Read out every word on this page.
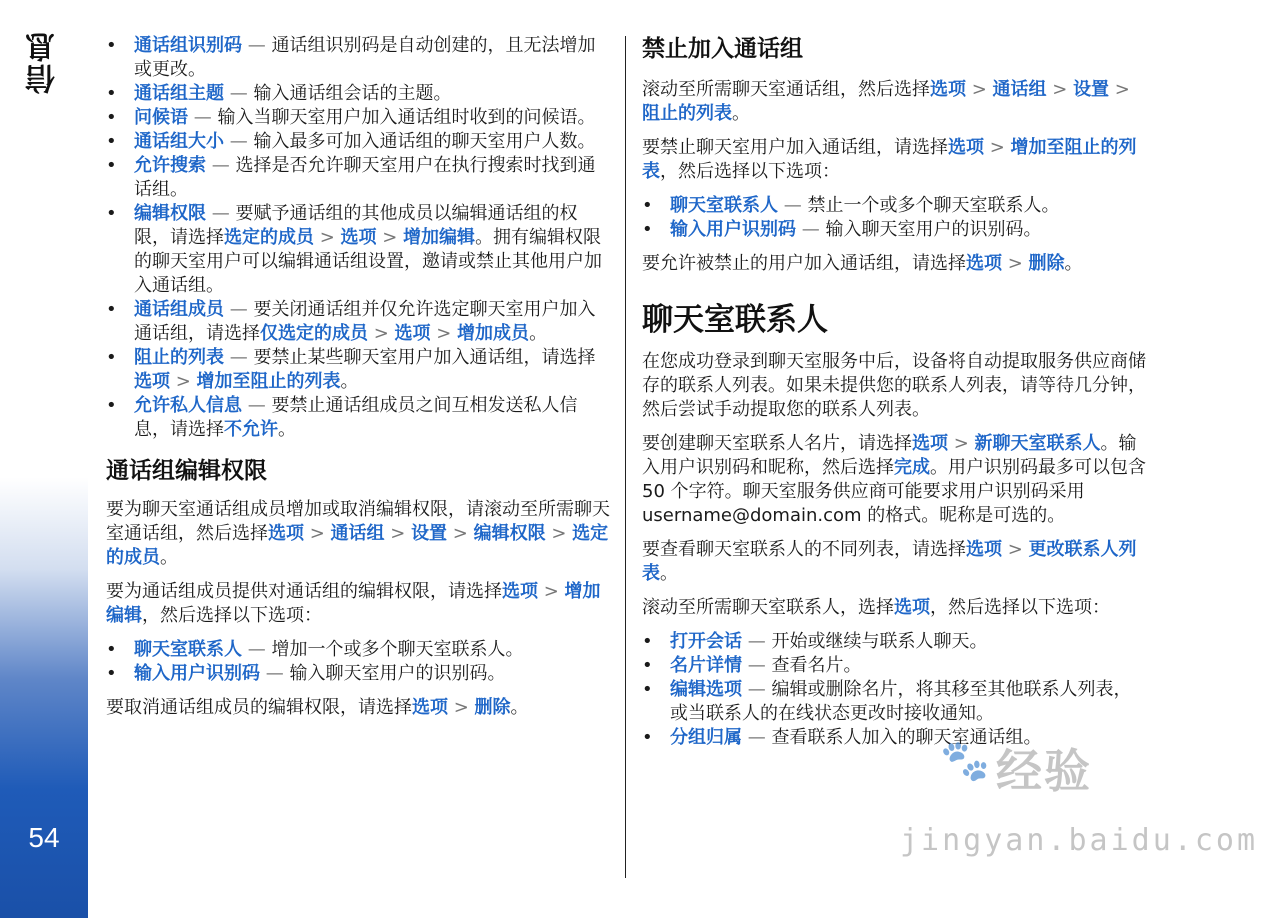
信息
54
• 通话组识别码 — 通话组识别码是自动创建的，且无法增加或更改。
• 通话组主题 — 输入通话组会话的主题。
• 问候语 — 输入当聊天室用户加入通话组时收到的问候语。
• 通话组大小 — 输入最多可加入通话组的聊天室用户人数。
• 允许搜索 — 选择是否允许聊天室用户在执行搜索时找到通话组。
• 编辑权限 — 要赋予通话组的其他成员以编辑通话组的权限，请选择选定的成员 > 选项 > 增加编辑。拥有编辑权限的聊天室用户可以编辑通话组设置，邀请或禁止其他用户加入通话组。
• 通话组成员 — 要关闭通话组并仅允许选定聊天室用户加入通话组，请选择仅选定的成员 > 选项 > 增加成员。
• 阻止的列表 — 要禁止某些聊天室用户加入通话组，请选择选项 > 增加至阻止的列表。
• 允许私人信息 — 要禁止通话组成员之间互相发送私人信息，请选择不允许。
通话组编辑权限

要为聊天室通话组成员增加或取消编辑权限，请滚动至所需聊天室通话组，然后选择选项 > 通话组 > 设置 > 编辑权限 > 选定的成员。

要为通话组成员提供对通话组的编辑权限，请选择选项 > 增加编辑，然后选择以下选项：

• 聊天室联系人 — 增加一个或多个聊天室联系人。
• 输入用户识别码 — 输入聊天室用户的识别码。

要取消通话组成员的编辑权限，请选择选项 > 删除。

禁止加入通话组

滚动至所需聊天室通话组，然后选择选项 > 通话组 > 设置 > 阻止的列表。

要禁止聊天室用户加入通话组，请选择选项 > 增加至阻止的列表，然后选择以下选项：

• 聊天室联系人 — 禁止一个或多个聊天室联系人。
• 输入用户识别码 — 输入聊天室用户的识别码。

要允许被禁止的用户加入通话组，请选择选项 > 删除。

聊天室联系人

在您成功登录到聊天室服务中后，设备将自动提取服务供应商储存的联系人列表。如果未提供您的联系人列表，请等待几分钟，然后尝试手动提取您的联系人列表。

要创建聊天室联系人名片，请选择选项 > 新聊天室联系人。输入用户识别码和昵称，然后选择完成。用户识别码最多可以包含 50 个字符。聊天室服务供应商可能要求用户识别码采用 username@domain.com 的格式。昵称是可选的。

要查看聊天室联系人的不同列表，请选择选项 > 更改联系人列表。

滚动至所需聊天室联系人，选择选项，然后选择以下选项：

• 打开会话 — 开始或继续与联系人聊天。
• 名片详情 — 查看名片。
• 编辑选项 — 编辑或删除名片，将其移至其他联系人列表，或当联系人的在线状态更改时接收通知。
• 分组归属 — 查看联系人加入的聊天室通话组。
🐾 经验
jingyan.baidu.com
